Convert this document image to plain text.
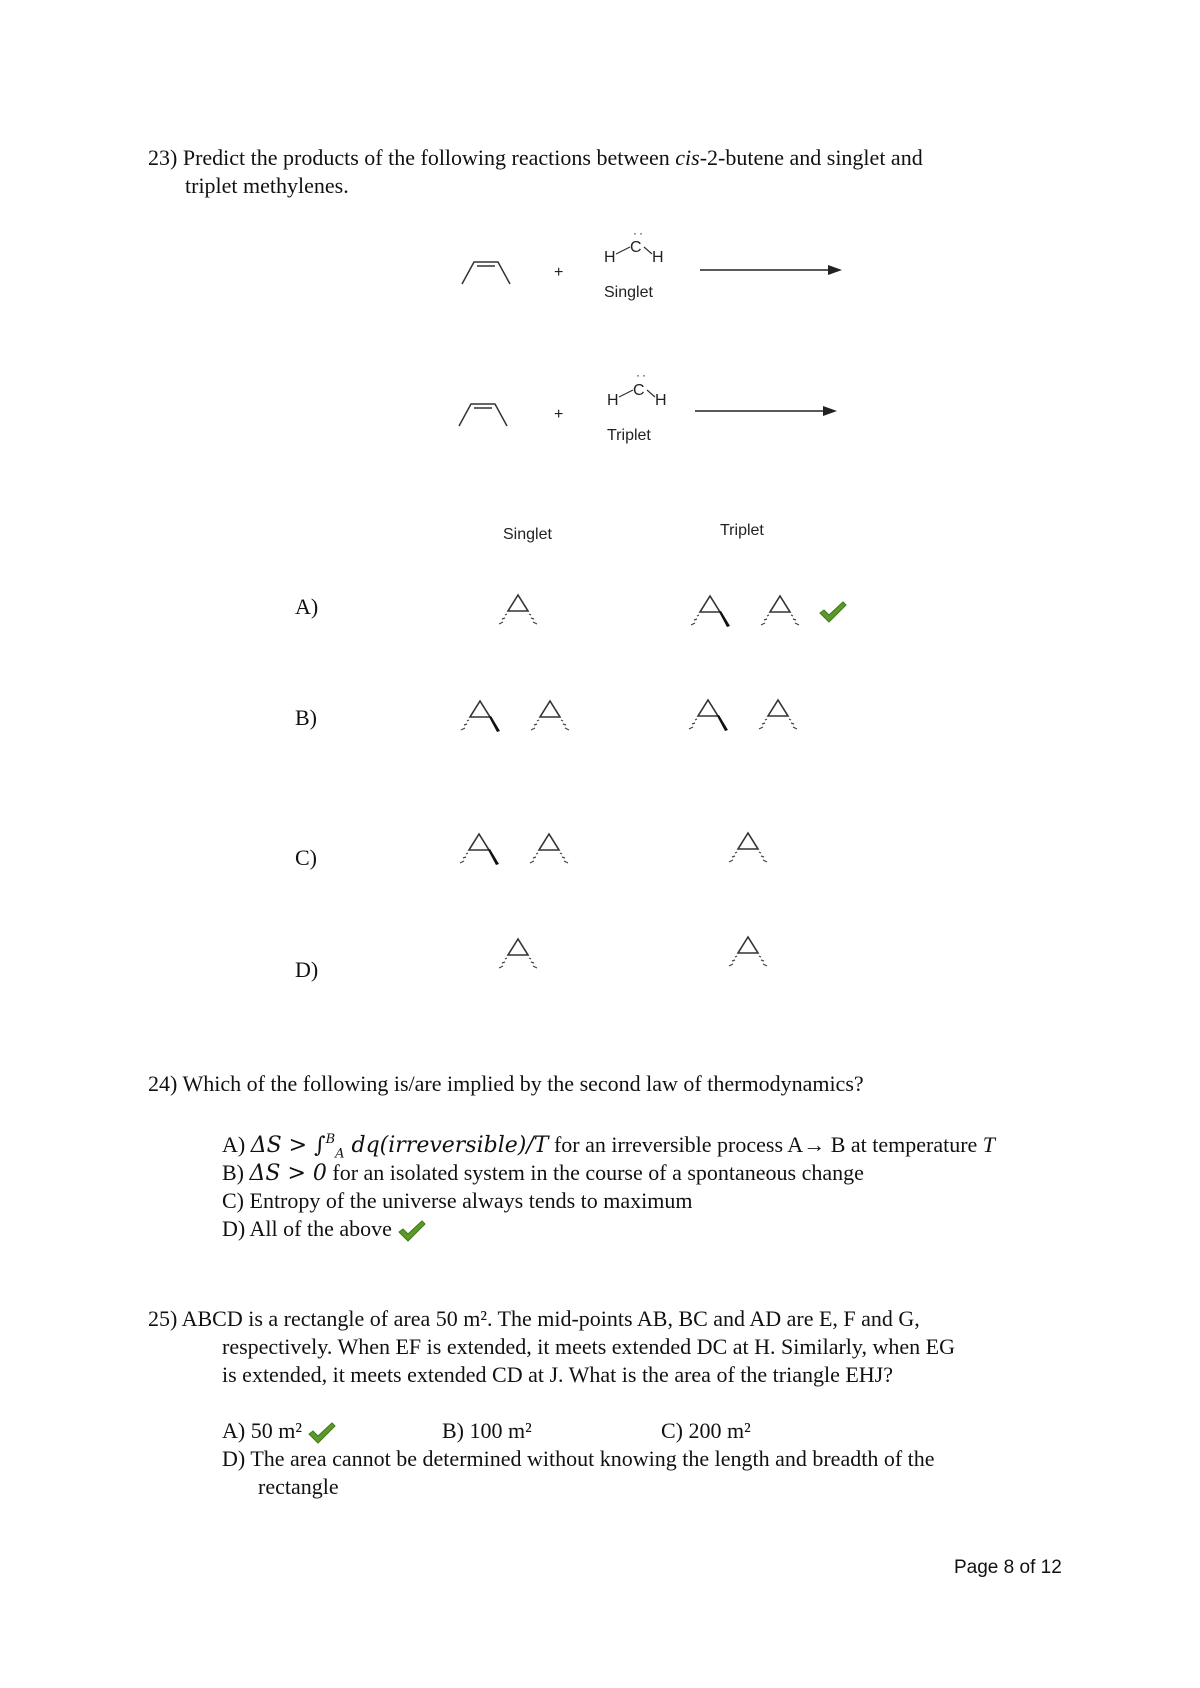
23) Predict the products of the following reactions between cis-2-butene and singlet and
triplet methylenes.
+
··
H
C
H
Singlet
+
··
H
C
H
Triplet
Singlet	Triplet
A)
B)
C)
D)
24) Which of the following is/are implied by the second law of thermodynamics?
A) ΔS > ∫$^B_A$ dq(irreversible)/T for an irreversible process A→ B at temperature T
B) ΔS > 0 for an isolated system in the course of a spontaneous change
C) Entropy of the universe always tends to maximum
D) All of the above
25) ABCD is a rectangle of area 50 m². The mid-points AB, BC and AD are E, F and G,
respectively. When EF is extended, it meets extended DC at H. Similarly, when EG
is extended, it meets extended CD at J. What is the area of the triangle EHJ?
A) 50 m²	B) 100 m²	C) 200 m²
D) The area cannot be determined without knowing the length and breadth of the
rectangle
Page 8 of 12
